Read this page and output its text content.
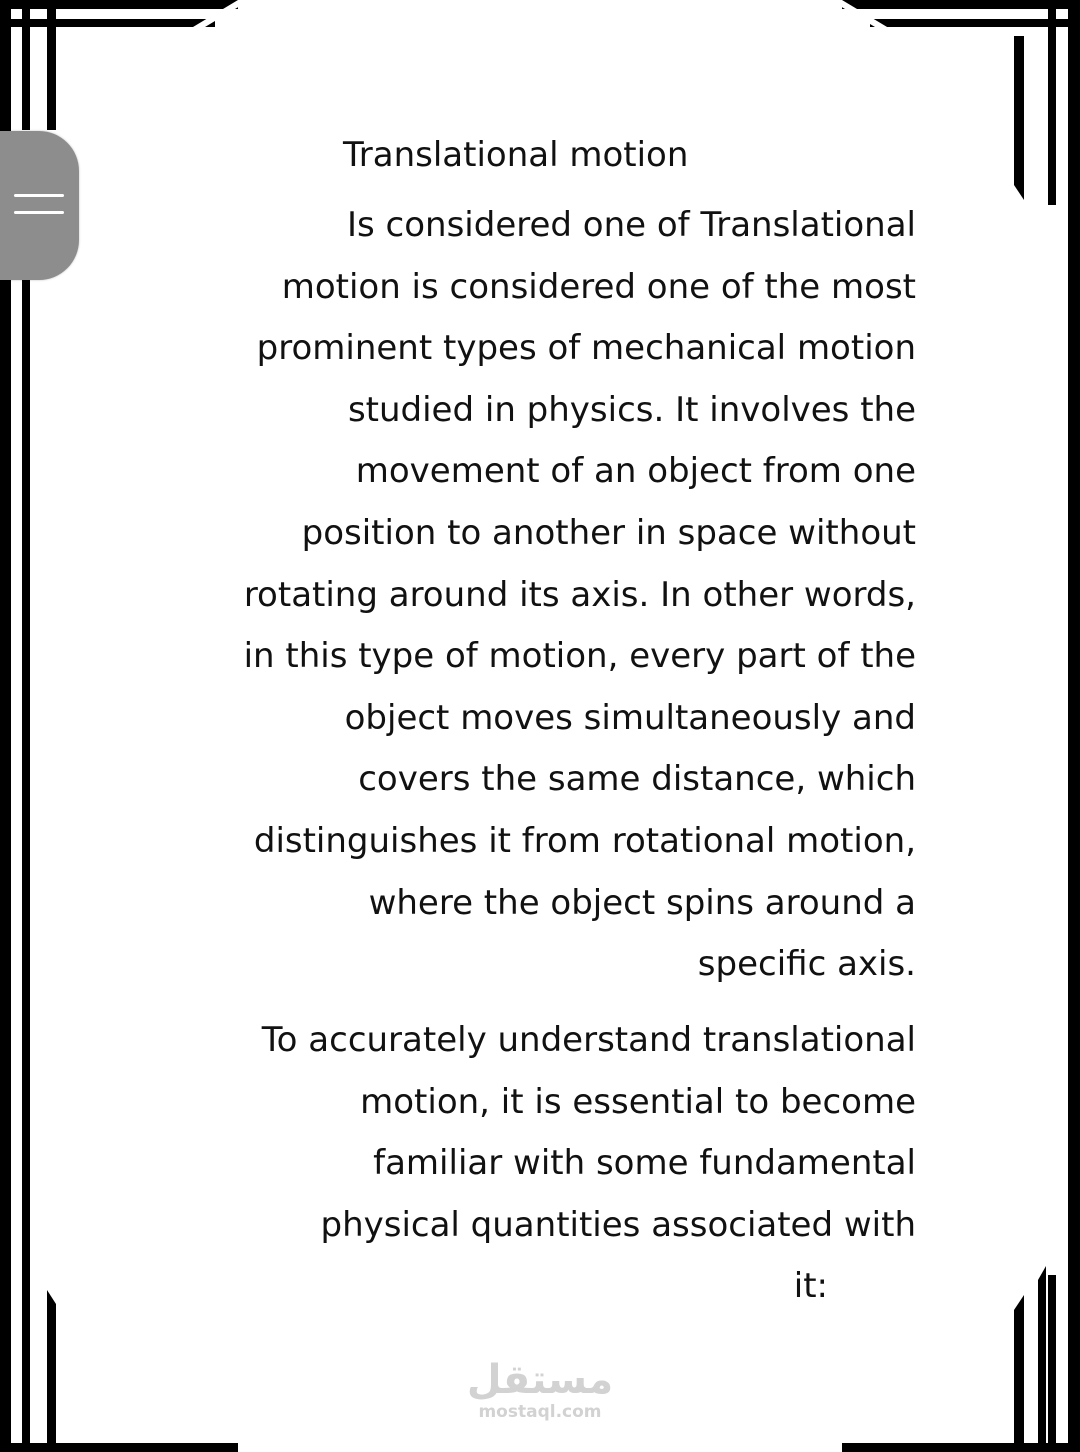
Translational motion
Is considered one of Translational
motion is considered one of the most
prominent types of mechanical motion
studied in physics. It involves the
movement of an object from one
position to another in space without
rotating around its axis. In other words,
in this type of motion, every part of the
object moves simultaneously and
covers the same distance, which
distinguishes it from rotational motion,
where the object spins around a
specific axis.
To accurately understand translational
motion, it is essential to become
familiar with some fundamental
physical quantities associated with
it:
مستقل
mostaql.com
